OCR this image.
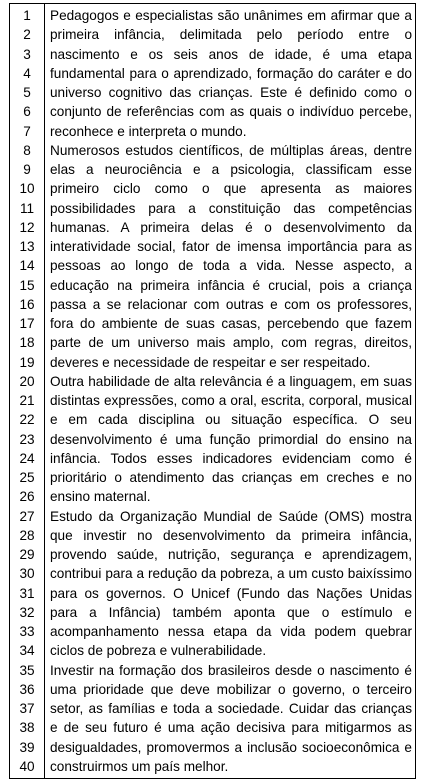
1
2
3
4
5
6
7
8
9
10
11
12
13
14
15
16
17
18
19
20
21
22
23
24
25
26
27
28
29
30
31
32
33
34
35
36
37
38
39
40
Pedagogos e especialistas são unânimes em afirmar que a
primeira infância, delimitada pelo período entre o
nascimento e os seis anos de idade, é uma etapa
fundamental para o aprendizado, formação do caráter e do
universo cognitivo das crianças. Este é definido como o
conjunto de referências com as quais o indivíduo percebe,
reconhece e interpreta o mundo.
Numerosos estudos científicos, de múltiplas áreas, dentre
elas a neurociência e a psicologia, classificam esse
primeiro ciclo como o que apresenta as maiores
possibilidades para a constituição das competências
humanas. A primeira delas é o desenvolvimento da
interatividade social, fator de imensa importância para as
pessoas ao longo de toda a vida. Nesse aspecto, a
educação na primeira infância é crucial, pois a criança
passa a se relacionar com outras e com os professores,
fora do ambiente de suas casas, percebendo que fazem
parte de um universo mais amplo, com regras, direitos,
deveres e necessidade de respeitar e ser respeitado.
Outra habilidade de alta relevância é a linguagem, em suas
distintas expressões, como a oral, escrita, corporal, musical
e em cada disciplina ou situação específica. O seu
desenvolvimento é uma função primordial do ensino na
infância. Todos esses indicadores evidenciam como é
prioritário o atendimento das crianças em creches e no
ensino maternal.
Estudo da Organização Mundial de Saúde (OMS) mostra
que investir no desenvolvimento da primeira infância,
provendo saúde, nutrição, segurança e aprendizagem,
contribui para a redução da pobreza, a um custo baixíssimo
para os governos. O Unicef (Fundo das Nações Unidas
para a Infância) também aponta que o estímulo e
acompanhamento nessa etapa da vida podem quebrar
ciclos de pobreza e vulnerabilidade.
Investir na formação dos brasileiros desde o nascimento é
uma prioridade que deve mobilizar o governo, o terceiro
setor, as famílias e toda a sociedade. Cuidar das crianças
e de seu futuro é uma ação decisiva para mitigarmos as
desigualdades, promovermos a inclusão socioeconômica e
construirmos um país melhor.
